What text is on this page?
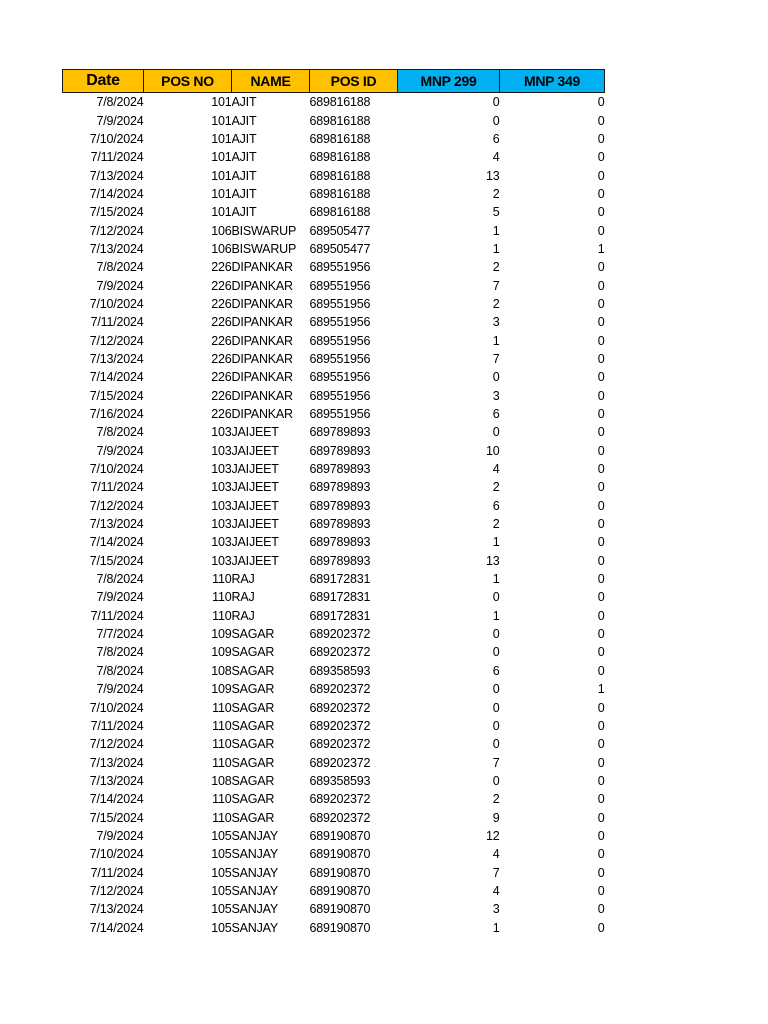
Date	POS NO	NAME	POS ID	MNP 299	MNP 349
7/8/2024	101	AJIT	689816188	0	0
7/9/2024	101	AJIT	689816188	0	0
7/10/2024	101	AJIT	689816188	6	0
7/11/2024	101	AJIT	689816188	4	0
7/13/2024	101	AJIT	689816188	13	0
7/14/2024	101	AJIT	689816188	2	0
7/15/2024	101	AJIT	689816188	5	0
7/12/2024	106	BISWARUP	689505477	1	0
7/13/2024	106	BISWARUP	689505477	1	1
7/8/2024	226	DIPANKAR	689551956	2	0
7/9/2024	226	DIPANKAR	689551956	7	0
7/10/2024	226	DIPANKAR	689551956	2	0
7/11/2024	226	DIPANKAR	689551956	3	0
7/12/2024	226	DIPANKAR	689551956	1	0
7/13/2024	226	DIPANKAR	689551956	7	0
7/14/2024	226	DIPANKAR	689551956	0	0
7/15/2024	226	DIPANKAR	689551956	3	0
7/16/2024	226	DIPANKAR	689551956	6	0
7/8/2024	103	JAIJEET	689789893	0	0
7/9/2024	103	JAIJEET	689789893	10	0
7/10/2024	103	JAIJEET	689789893	4	0
7/11/2024	103	JAIJEET	689789893	2	0
7/12/2024	103	JAIJEET	689789893	6	0
7/13/2024	103	JAIJEET	689789893	2	0
7/14/2024	103	JAIJEET	689789893	1	0
7/15/2024	103	JAIJEET	689789893	13	0
7/8/2024	110	RAJ	689172831	1	0
7/9/2024	110	RAJ	689172831	0	0
7/11/2024	110	RAJ	689172831	1	0
7/7/2024	109	SAGAR	689202372	0	0
7/8/2024	109	SAGAR	689202372	0	0
7/8/2024	108	SAGAR	689358593	6	0
7/9/2024	109	SAGAR	689202372	0	1
7/10/2024	110	SAGAR	689202372	0	0
7/11/2024	110	SAGAR	689202372	0	0
7/12/2024	110	SAGAR	689202372	0	0
7/13/2024	110	SAGAR	689202372	7	0
7/13/2024	108	SAGAR	689358593	0	0
7/14/2024	110	SAGAR	689202372	2	0
7/15/2024	110	SAGAR	689202372	9	0
7/9/2024	105	SANJAY	689190870	12	0
7/10/2024	105	SANJAY	689190870	4	0
7/11/2024	105	SANJAY	689190870	7	0
7/12/2024	105	SANJAY	689190870	4	0
7/13/2024	105	SANJAY	689190870	3	0
7/14/2024	105	SANJAY	689190870	1	0
